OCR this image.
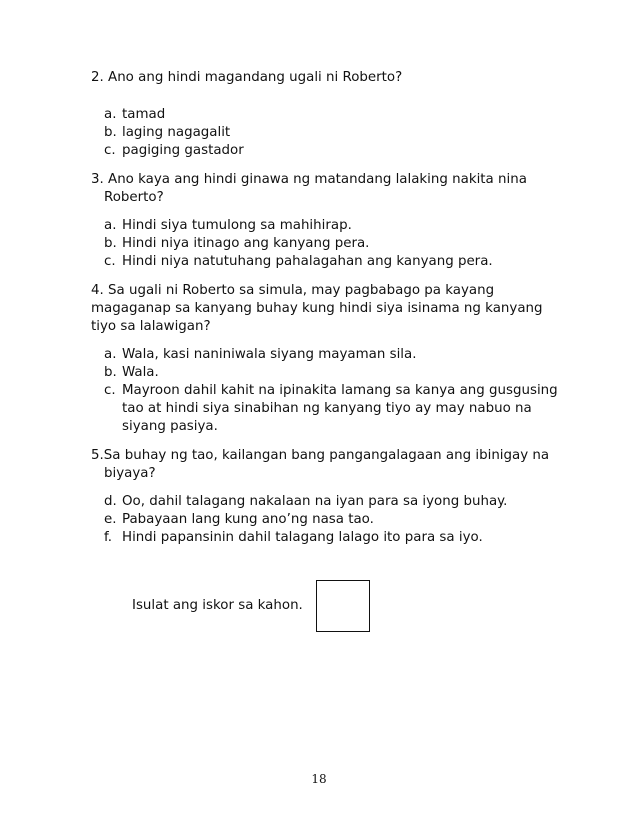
2. Ano ang hindi magandang ugali ni Roberto?
a. tamad
b. laging nagagalit
c. pagiging gastador
3. Ano kaya ang hindi ginawa ng matandang lalaking nakita nina
Roberto?
a. Hindi siya tumulong sa mahihirap.
b. Hindi niya itinago ang kanyang pera.
c. Hindi niya natutuhang pahalagahan ang kanyang pera.
4. Sa ugali ni Roberto sa simula, may pagbabago pa kayang
magaganap sa kanyang buhay kung hindi siya isinama ng kanyang
tiyo sa lalawigan?
a. Wala, kasi naniniwala siyang mayaman sila.
b. Wala.
c. Mayroon dahil kahit na ipinakita lamang sa kanya ang gusgusing
tao at hindi siya sinabihan ng kanyang tiyo ay may nabuo na
siyang pasiya.
5.Sa buhay ng tao, kailangan bang pangangalagaan ang ibinigay na
biyaya?
d. Oo, dahil talagang nakalaan na iyan para sa iyong buhay.
e. Pabayaan lang kung ano’ng nasa tao.
f. Hindi papansinin dahil talagang lalago ito para sa iyo.
Isulat ang iskor sa kahon.
18
